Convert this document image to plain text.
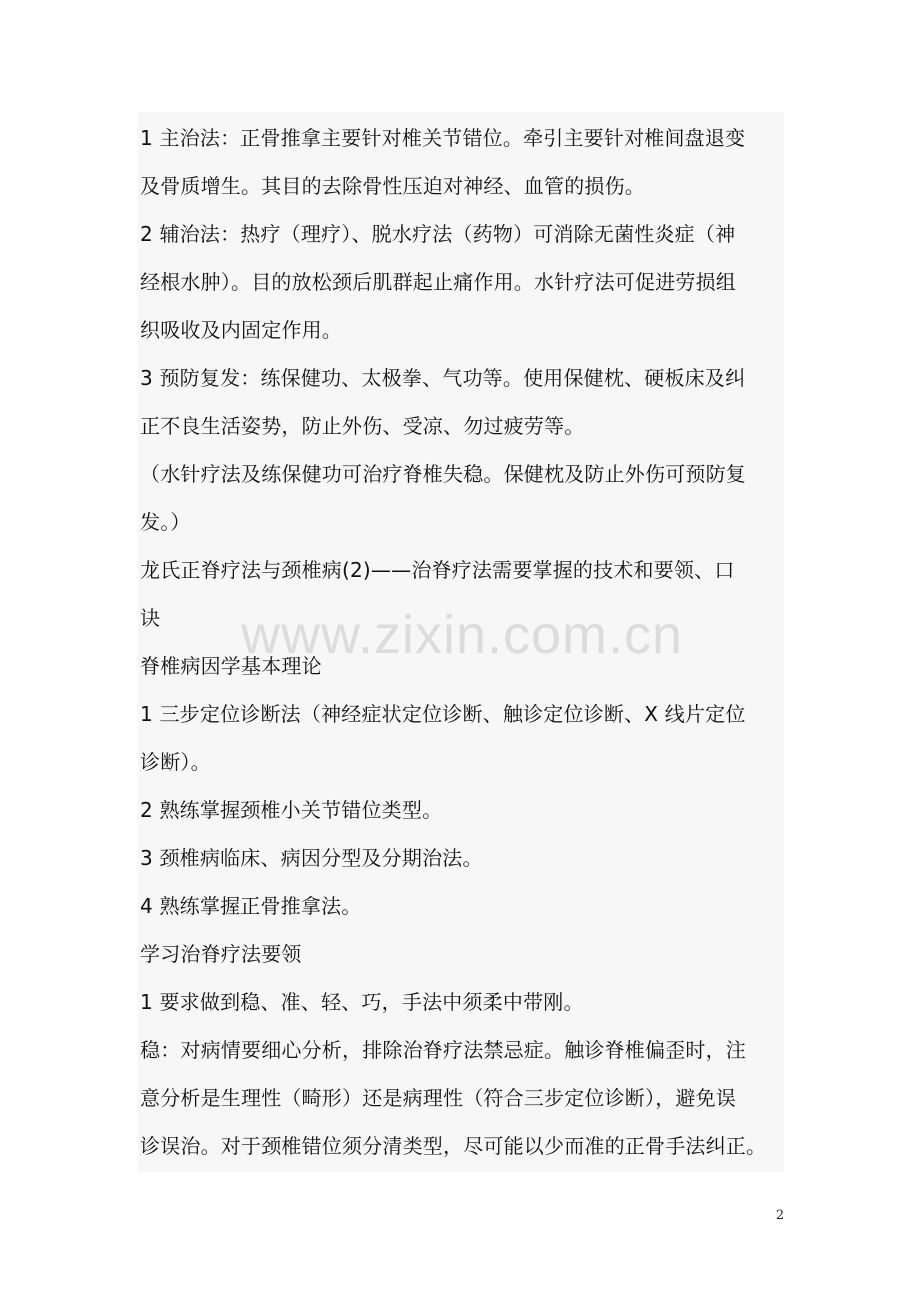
1 主治法：正骨推拿主要针对椎关节错位。牵引主要针对椎间盘退变

及骨质增生。其目的去除骨性压迫对神经、血管的损伤。

2 辅治法：热疗（理疗）、脱水疗法（药物）可消除无菌性炎症（神

经根水肿）。目的放松颈后肌群起止痛作用。水针疗法可促进劳损组

织吸收及内固定作用。

3 预防复发：练保健功、太极拳、气功等。使用保健枕、硬板床及纠

正不良生活姿势，防止外伤、受凉、勿过疲劳等。

（水针疗法及练保健功可治疗脊椎失稳。保健枕及防止外伤可预防复

发。）

龙氏正脊疗法与颈椎病(2)——治脊疗法需要掌握的技术和要领、口

诀

脊椎病因学基本理论

1 三步定位诊断法（神经症状定位诊断、触诊定位诊断、X 线片定位

诊断）。

2 熟练掌握颈椎小关节错位类型。

3 颈椎病临床、病因分型及分期治法。

4 熟练掌握正骨推拿法。

学习治脊疗法要领

1 要求做到稳、准、轻、巧，手法中须柔中带刚。

稳：对病情要细心分析，排除治脊疗法禁忌症。触诊脊椎偏歪时，注

意分析是生理性（畸形）还是病理性（符合三步定位诊断），避免误

诊误治。对于颈椎错位须分清类型，尽可能以少而准的正骨手法纠正。

www.zixin.com.cn
2
